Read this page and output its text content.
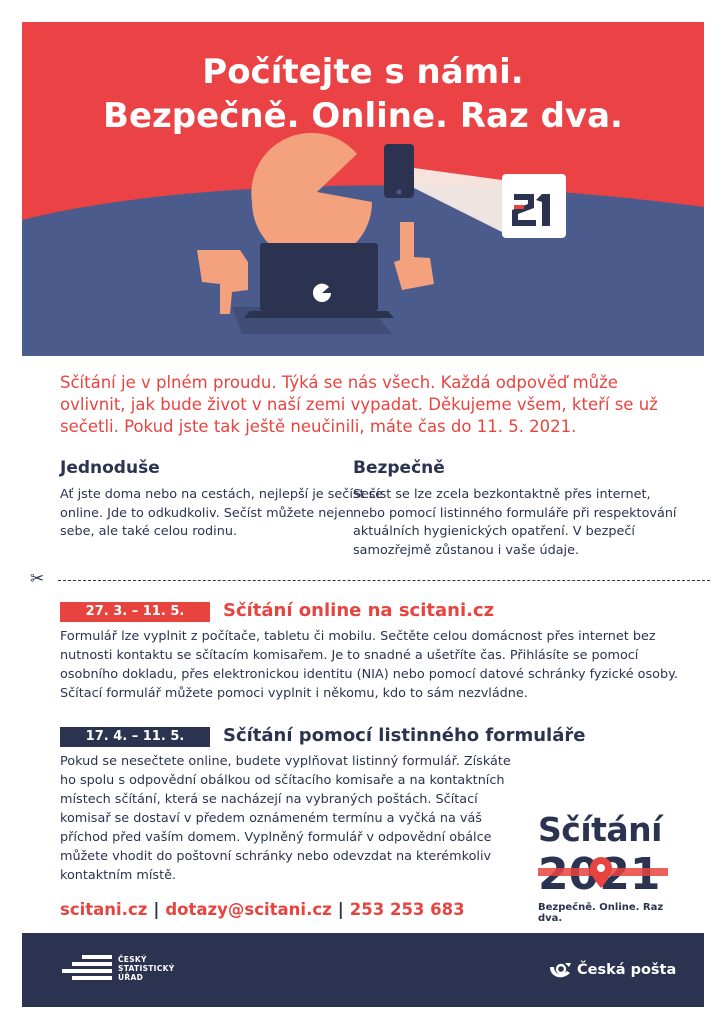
Počítejte s námi.
Bezpečně. Online. Raz dva.

Sčítání je v plném proudu. Týká se nás všech. Každá odpověď může ovlivnit, jak bude život v naší zemi vypadat. Děkujeme všem, kteří se už sečetli. Pokud jste tak ještě neučinili, máte čas do 11. 5. 2021.

Jednoduše

Ať jste doma nebo na cestách, nejlepší je sečíst se online. Jde to odkudkoliv. Sečíst můžete nejen sebe, ale také celou rodinu.

Bezpečně

Sečíst se lze zcela bezkontaktně přes internet, nebo pomocí listinného formuláře při respektování aktuálních hygienických opatření. V bezpečí samozřejmě zůstanou i vaše údaje.

✂
27. 3. – 11. 5.	Sčítání online na scitani.cz

Formulář lze vyplnit z počítače, tabletu či mobilu. Sečtěte celou domácnost přes internet bez nutnosti kontaktu se sčítacím komisařem. Je to snadné a ušetříte čas. Přihlásíte se pomocí osobního dokladu, přes elektronickou identitu (NIA) nebo pomocí datové schránky fyzické osoby. Sčítací formulář můžete pomoci vyplnit i někomu, kdo to sám nezvládne.

17. 4. – 11. 5.	Sčítání pomocí listinného formuláře

Pokud se nesečtete online, budete vyplňovat listinný formulář. Získáte ho spolu s odpovědní obálkou od sčítacího komisaře a na kontaktních místech sčítání, která se nacházejí na vybraných poštách. Sčítací komisař se dostaví v předem oznámeném termínu a vyčká na váš příchod před vaším domem. Vyplněný formulář v odpovědní obálce můžete vhodit do poštovní schránky nebo odevzdat na kterémkoliv kontaktním místě.

Sčítání
Bezpečně. Online. Raz dva.
scitani.cz | dotazy@scitani.cz | 253 253 683
ČESKÝ
STATISTICKÝ
ÚŘAD	Česká pošta
